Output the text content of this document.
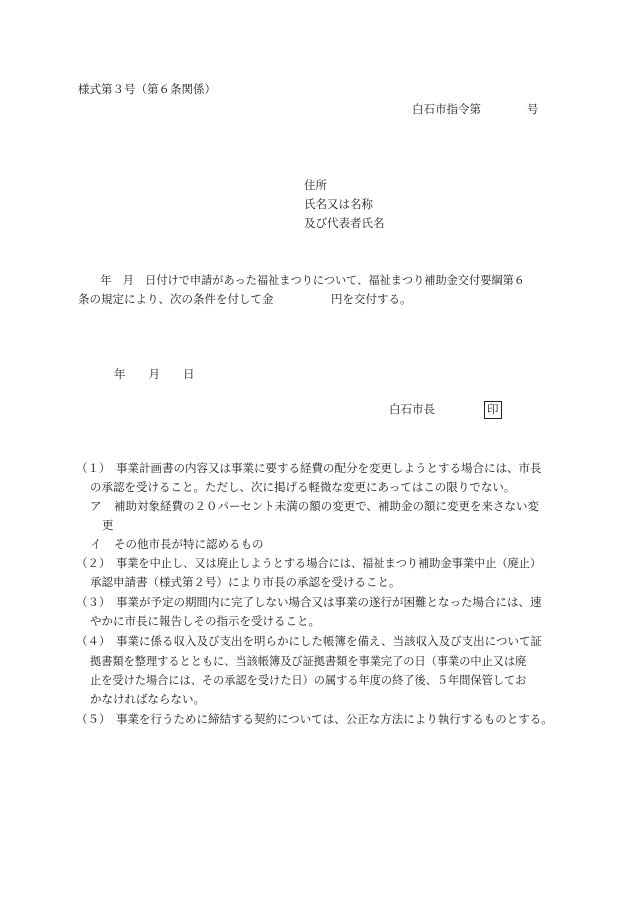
様式第３号（第６条関係）
白石市指令第　　　　号
住所
氏名又は名称
及び代表者氏名
　　年　月　日付けで申請があった福祉まつりについて、福祉まつり補助金交付要綱第６
条の規定により、次の条件を付して金　　　　　円を交付する。
年　　月　　日
白石市長	印
（１） 事業計画書の内容又は事業に要する経費の配分を変更しようとする場合には、市長
の承認を受けること。ただし、次に掲げる軽微な変更にあってはこの限りでない。
ア 補助対象経費の２０パーセント未満の額の変更で、補助金の額に変更を来さない変
更
イ その他市長が特に認めるもの
（２） 事業を中止し、又は廃止しようとする場合には、福祉まつり補助金事業中止（廃止）
承認申請書（様式第２号）により市長の承認を受けること。
（３） 事業が予定の期間内に完了しない場合又は事業の遂行が困難となった場合には、速
やかに市長に報告しその指示を受けること。
（４） 事業に係る収入及び支出を明らかにした帳簿を備え、当該収入及び支出について証
拠書類を整理するとともに、当該帳簿及び証拠書類を事業完了の日（事業の中止又は廃
止を受けた場合には、その承認を受けた日）の属する年度の終了後、５年間保管してお
かなければならない。
（５） 事業を行うために締結する契約については、公正な方法により執行するものとする。
